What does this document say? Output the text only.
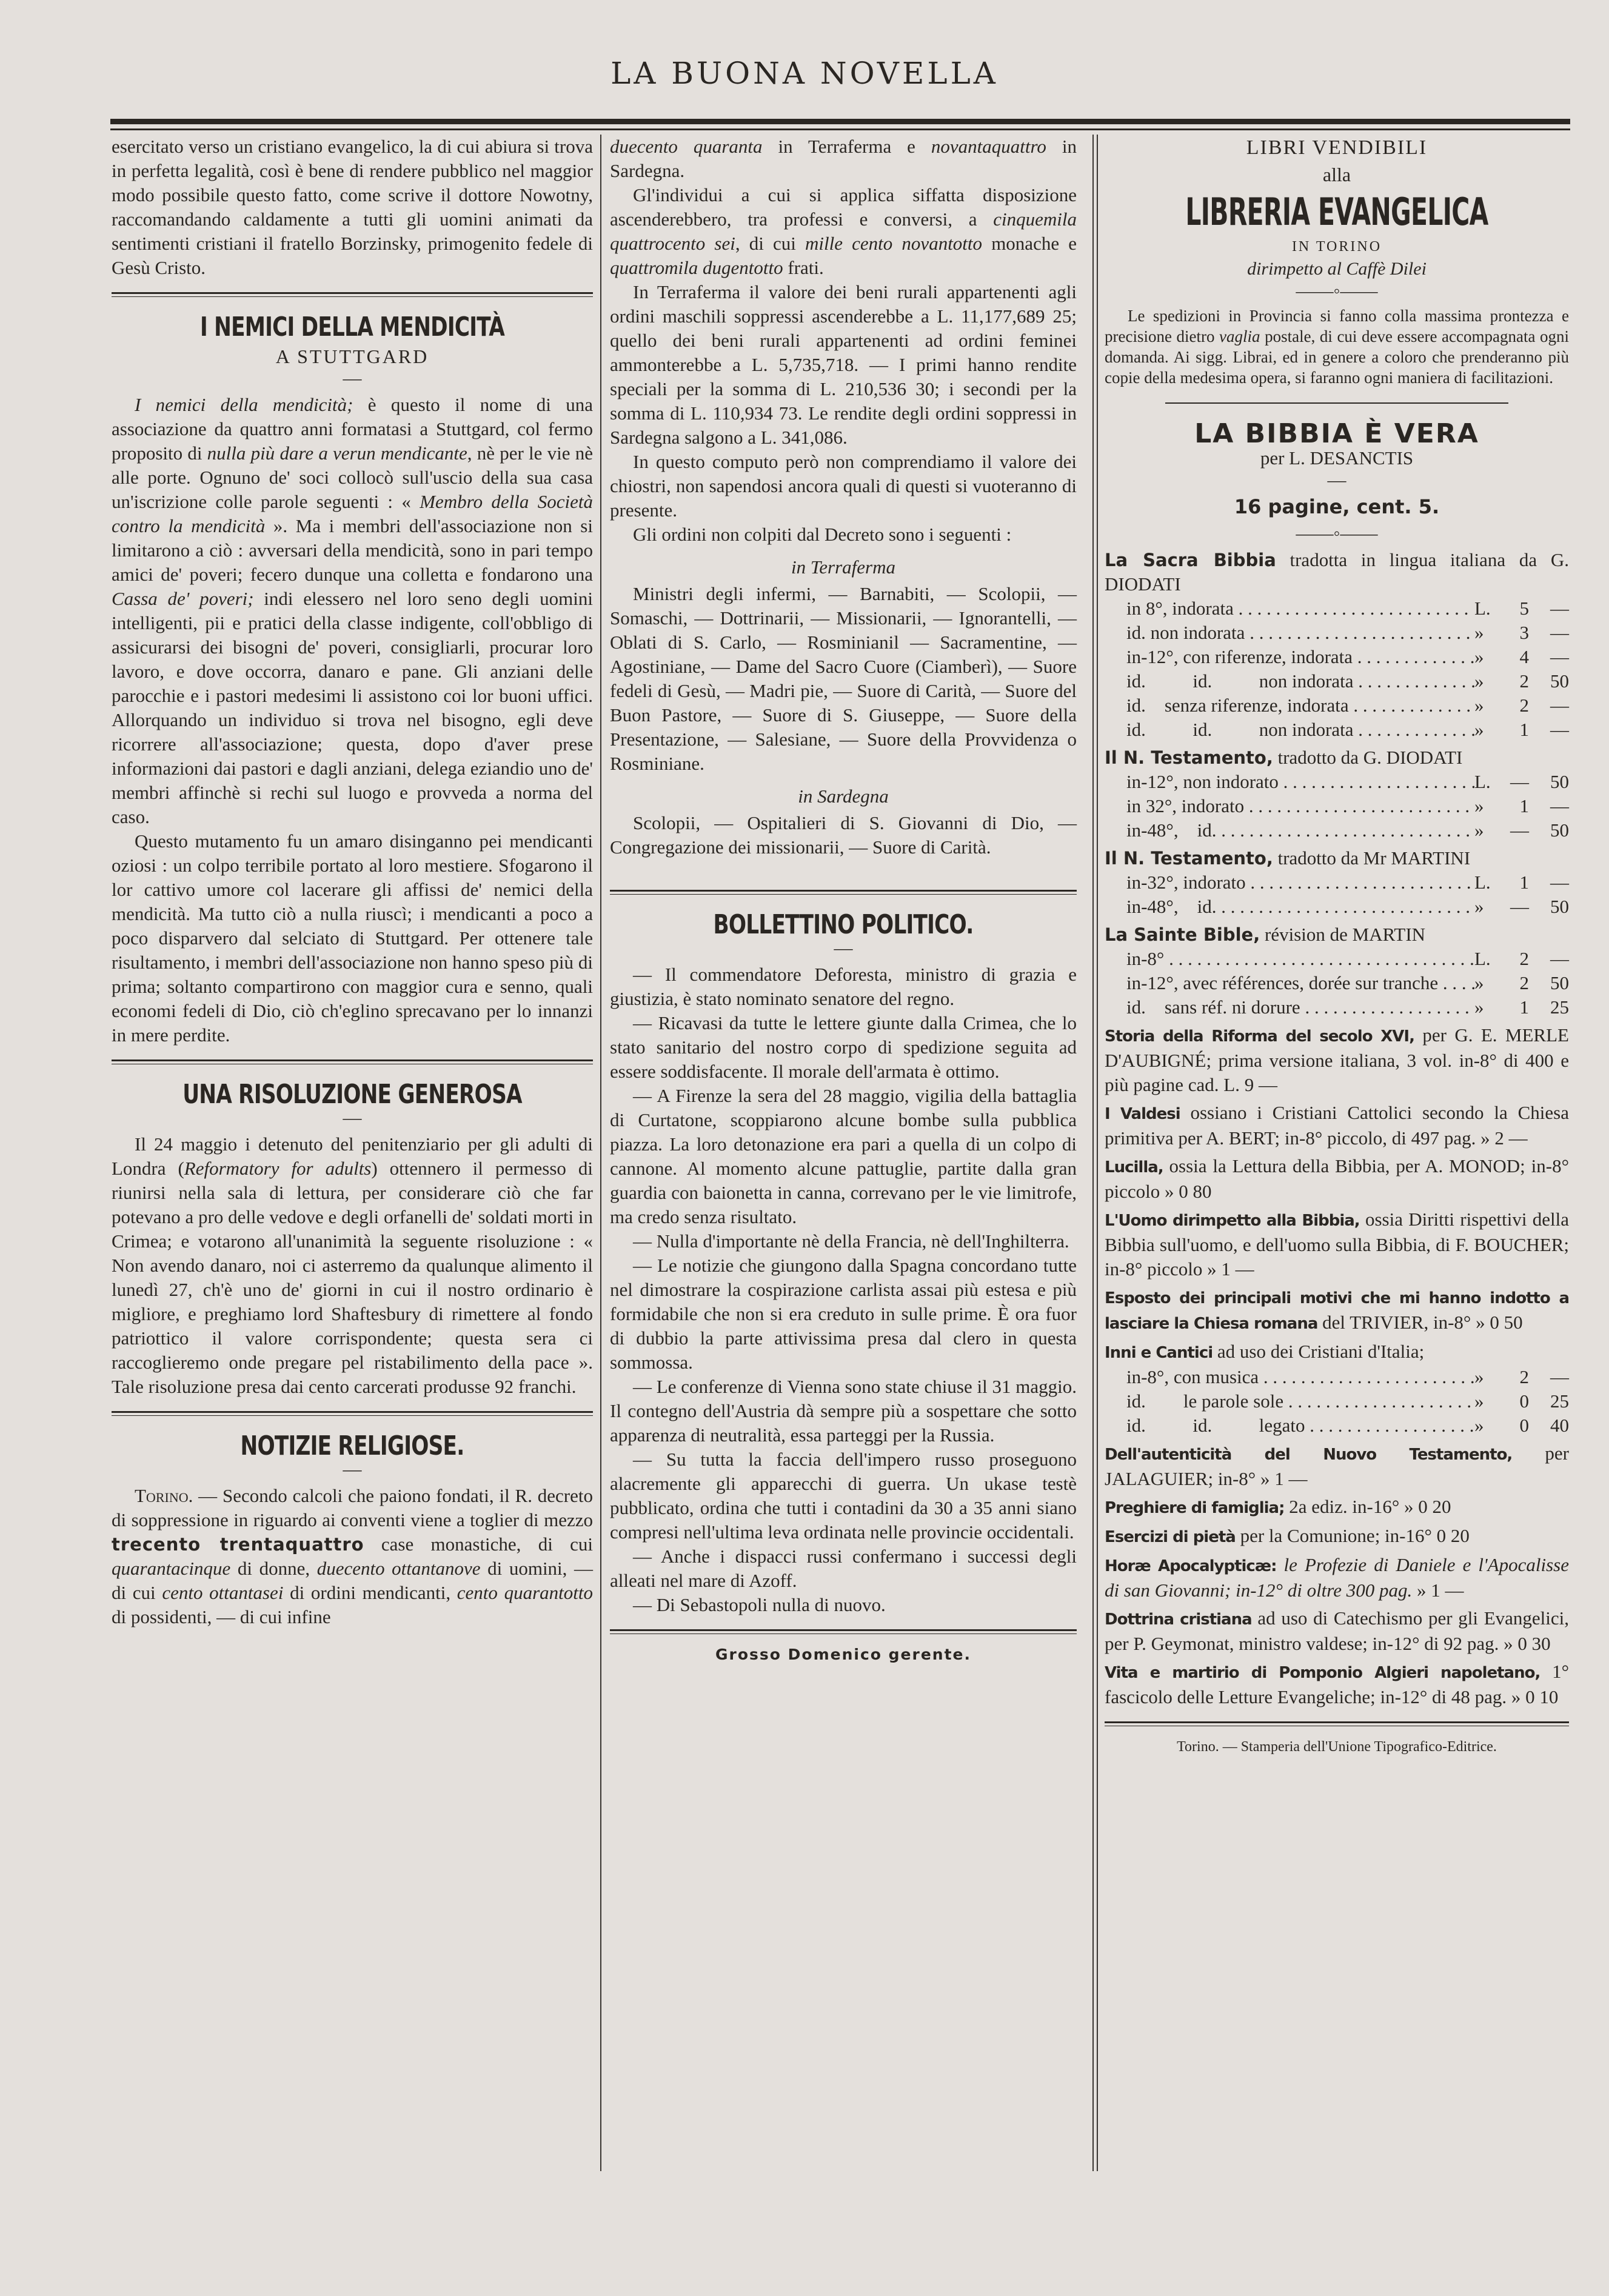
LA BUONA NOVELLA

esercitato verso un cristiano evangelico, la di cui abiura si trova in perfetta legalità, così è bene di rendere pubblico nel maggior modo possibile questo fatto, come scrive il dottore Nowotny, raccomandando caldamente a tutti gli uomini animati da sentimenti cristiani il fratello Borzinsky, primogenito fedele di Gesù Cristo.

I NEMICI DELLA MENDICITÀ
A STUTTGARD
—

I nemici della mendicità; è questo il nome di una associazione da quattro anni formatasi a Stuttgard, col fermo proposito di nulla più dare a verun mendicante, nè per le vie nè alle porte. Ognuno de' soci collocò sull'uscio della sua casa un'iscrizione colle parole seguenti : « Membro della Società contro la mendicità ». Ma i membri dell'associazione non si limitarono a ciò : avversari della mendicità, sono in pari tempo amici de' poveri; fecero dunque una colletta e fondarono una Cassa de' poveri; indi elessero nel loro seno degli uomini intelligenti, pii e pratici della classe indigente, coll'obbligo di assicurarsi dei bisogni de' poveri, consigliarli, procurar loro lavoro, e dove occorra, danaro e pane. Gli anziani delle parocchie e i pastori medesimi li assistono coi lor buoni uffici. Allorquando un individuo si trova nel bisogno, egli deve ricorrere all'associazione; questa, dopo d'aver prese informazioni dai pastori e dagli anziani, delega eziandio uno de' membri affinchè si rechi sul luogo e provveda a norma del caso.

Questo mutamento fu un amaro disinganno pei mendicanti oziosi : un colpo terribile portato al loro mestiere. Sfogarono il lor cattivo umore col lacerare gli affissi de' nemici della mendicità. Ma tutto ciò a nulla riuscì; i mendicanti a poco a poco disparvero dal selciato di Stuttgard. Per ottenere tale risultamento, i membri dell'associazione non hanno speso più di prima; soltanto compartirono con maggior cura e senno, quali economi fedeli di Dio, ciò ch'eglino sprecavano per lo innanzi in mere perdite.

UNA RISOLUZIONE GENEROSA
—

Il 24 maggio i detenuto del penitenziario per gli adulti di Londra (Reformatory for adults) ottennero il permesso di riunirsi nella sala di lettura, per considerare ciò che far potevano a pro delle vedove e degli orfanelli de' soldati morti in Crimea; e votarono all'unanimità la seguente risoluzione : « Non avendo danaro, noi ci asterremo da qualunque alimento il lunedì 27, ch'è uno de' giorni in cui il nostro ordinario è migliore, e preghiamo lord Shaftesbury di rimettere al fondo patriottico il valore corrispondente; questa sera ci raccoglieremo onde pregare pel ristabilimento della pace ». Tale risoluzione presa dai cento carcerati produsse 92 franchi.

NOTIZIE RELIGIOSE.
—

Torino. — Secondo calcoli che paiono fondati, il R. decreto di soppressione in riguardo ai conventi viene a toglier di mezzo trecento trentaquattro case monastiche, di cui quarantacinque di donne, duecento ottantanove di uomini, — di cui cento ottantasei di ordini mendicanti, cento quarantotto di possidenti, — di cui infine

duecento quaranta in Terraferma e novantaquattro in Sardegna.

Gl'individui a cui si applica siffatta disposizione ascenderebbero, tra professi e conversi, a cinquemila quattrocento sei, di cui mille cento novantotto monache e quattromila dugentotto frati.

In Terraferma il valore dei beni rurali appartenenti agli ordini maschili soppressi ascenderebbe a L. 11,177,689 25; quello dei beni rurali appartenenti ad ordini feminei ammonterebbe a L. 5,735,718. — I primi hanno rendite speciali per la somma di L. 210,536 30; i secondi per la somma di L. 110,934 73. Le rendite degli ordini soppressi in Sardegna salgono a L. 341,086.

In questo computo però non comprendiamo il valore dei chiostri, non sapendosi ancora quali di questi si vuoteranno di presente.

Gli ordini non colpiti dal Decreto sono i seguenti :

in Terraferma

Ministri degli infermi, — Barnabiti, — Scolopii, — Somaschi, — Dottrinarii, — Missionarii, — Ignorantelli, — Oblati di S. Carlo, — Rosminianil — Sacramentine, — Agostiniane, — Dame del Sacro Cuore (Ciamberì), — Suore fedeli di Gesù, — Madri pie, — Suore di Carità, — Suore del Buon Pastore, — Suore di S. Giuseppe, — Suore della Presentazione, — Salesiane, — Suore della Provvidenza o Rosminiane.

in Sardegna

Scolopii, — Ospitalieri di S. Giovanni di Dio, — Congregazione dei missionarii, — Suore di Carità.

BOLLETTINO POLITICO.
—

— Il commendatore Deforesta, ministro di grazia e giustizia, è stato nominato senatore del regno.

— Ricavasi da tutte le lettere giunte dalla Crimea, che lo stato sanitario del nostro corpo di spedizione seguita ad essere soddisfacente. Il morale dell'armata è ottimo.

— A Firenze la sera del 28 maggio, vigilia della battaglia di Curtatone, scoppiarono alcune bombe sulla pubblica piazza. La loro detonazione era pari a quella di un colpo di cannone. Al momento alcune pattuglie, partite dalla gran guardia con baionetta in canna, correvano per le vie limitrofe, ma credo senza risultato.

— Nulla d'importante nè della Francia, nè dell'Inghilterra.

— Le notizie che giungono dalla Spagna concordano tutte nel dimostrare la cospirazione carlista assai più estesa e più formidabile che non si era creduto in sulle prime. È ora fuor di dubbio la parte attivissima presa dal clero in questa sommossa.

— Le conferenze di Vienna sono state chiuse il 31 maggio. Il contegno dell'Austria dà sempre più a sospettare che sotto apparenza di neutralità, essa parteggi per la Russia.

— Su tutta la faccia dell'impero russo proseguono alacremente gli apparecchi di guerra. Un ukase testè pubblicato, ordina che tutti i contadini da 30 a 35 anni siano compresi nell'ultima leva ordinata nelle provincie occidentali.

— Anche i dispacci russi confermano i successi degli alleati nel mare di Azoff.

— Di Sebastopoli nulla di nuovo.

Grosso Domenico gerente.
LIBRI VENDIBILI
alla
LIBRERIA EVANGELICA
IN TORINO
dirimpetto al Caffè Dilei
——◦——
Le spedizioni in Provincia si fanno colla massima prontezza e precisione dietro vaglia postale, di cui deve essere accompagnata ogni domanda. Ai sigg. Librai, ed in genere a coloro che prenderanno più copie della medesima opera, si faranno ogni maniera di facilitazioni.
LA BIBBIA È VERA
per L. DESANCTIS
—
16 pagine, cent. 5.
——◦——
La Sacra Bibbia tradotta in lingua italiana da G. DIODATI
in 8°, indorata . . .	L.	5	—
id. non indorata . . .	»	3	—
in-12°, con riferenze, indorata . . .	»	4	—
id.          id.          non indorata . . .	»	2	50
id.    senza riferenze, indorata . . .	»	2	—
id.          id.          non indorata . . .	»	1	—
Il N. Testamento, tradotto da G. DIODATI
in-12°, non indorato . . .	L.	—	50
in 32°, indorato . . .	»	1	—
in-48°,    id. . . .	»	—	50
Il N. Testamento, tradotto da Mr MARTINI
in-32°, indorato . . .	L.	1	—
in-48°,    id. . . .	»	—	50
La Sainte Bible, révision de MARTIN
in-8° . . .	L.	2	—
in-12°, avec références, dorée sur tranche . . .	»	2	50
id.    sans réf. ni dorure . . .	»	1	25
Storia della Riforma del secolo XVI, per G. E. MERLE D'AUBIGNÉ; prima versione italiana, 3 vol. in-8° di 400 e più pagine cad. L. 9 —
I Valdesi ossiano i Cristiani Cattolici secondo la Chiesa primitiva per A. BERT; in-8° piccolo, di 497 pag. » 2 —
Lucilla, ossia la Lettura della Bibbia, per A. MONOD; in-8° piccolo » 0 80
L'Uomo dirimpetto alla Bibbia, ossia Diritti rispettivi della Bibbia sull'uomo, e dell'uomo sulla Bibbia, di F. BOUCHER; in-8° piccolo » 1 —
Esposto dei principali motivi che mi hanno indotto a lasciare la Chiesa romana del TRIVIER, in-8° » 0 50
Inni e Cantici ad uso dei Cristiani d'Italia;
in-8°, con musica . . .	»	2	—
id.        le parole sole . . .	»	0	25
id.          id.          legato . . .	»	0	40
Dell'autenticità del Nuovo Testamento, per JALAGUIER; in-8° » 1 —
Preghiere di famiglia; 2a ediz. in-16° » 0 20
Esercizi di pietà per la Comunione; in-16° 0 20
Horæ Apocalypticæ: le Profezie di Daniele e l'Apocalisse di san Giovanni; in-12° di oltre 300 pag. » 1 —
Dottrina cristiana ad uso di Catechismo per gli Evangelici, per P. Geymonat, ministro valdese; in-12° di 92 pag. » 0 30
Vita e martirio di Pomponio Algieri napoletano, 1° fascicolo delle Letture Evangeliche; in-12° di 48 pag. » 0 10
Torino. — Stamperia dell'Unione Tipografico-Editrice.
